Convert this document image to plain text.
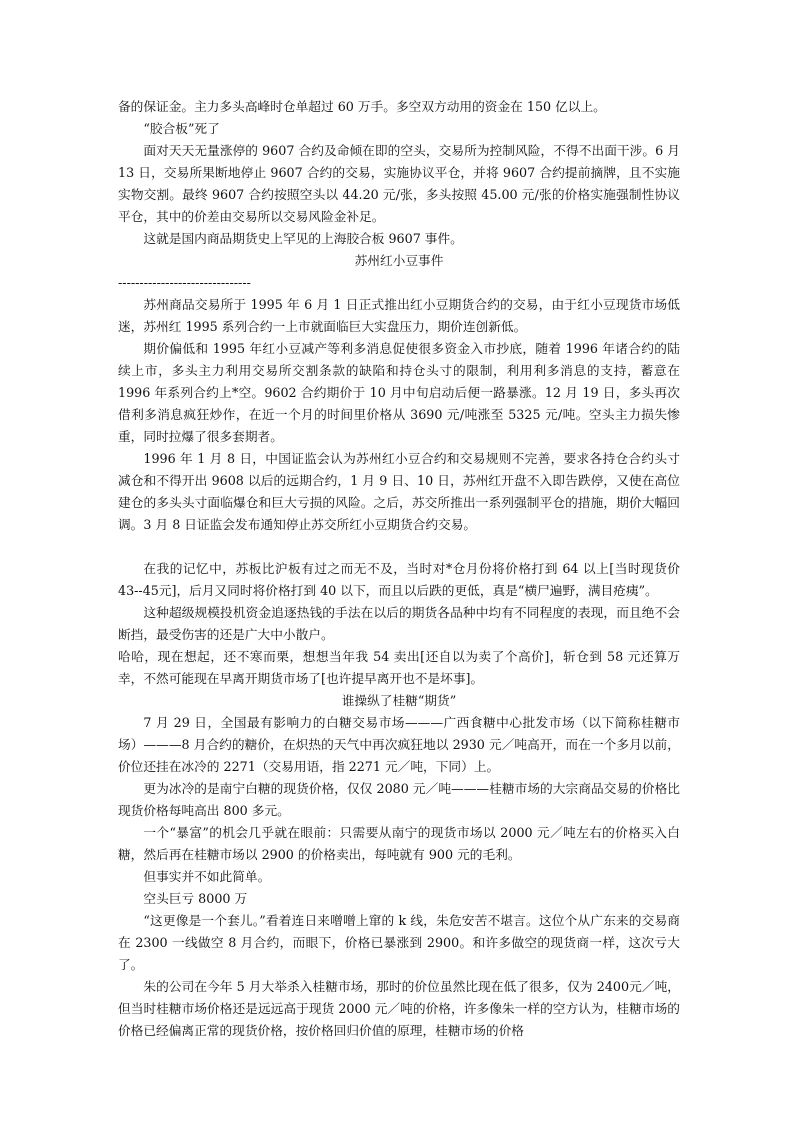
备的保证金。主力多头高峰时仓单超过 60 万手。多空双方动用的资金在 150 亿以上。

“胶合板”死了

面对天天无量涨停的 9607 合约及命倾在即的空头，交易所为控制风险，不得不出面干涉。6 月 13 日，交易所果断地停止 9607 合约的交易，实施协议平仓，并将 9607 合约提前摘牌，且不实施实物交割。最终 9607 合约按照空头以 44.20 元/张，多头按照 45.00 元/张的价格实施强制性协议平仓，其中的价差由交易所以交易风险金补足。

这就是国内商品期货史上罕见的上海胶合板 9607 事件。

苏州红小豆事件

-------------------------------

苏州商品交易所于 1995 年 6 月 1 日正式推出红小豆期货合约的交易，由于红小豆现货市场低迷，苏州红 1995 系列合约一上市就面临巨大实盘压力，期价连创新低。

期价偏低和 1995 年红小豆减产等利多消息促使很多资金入市抄底，随着 1996 年诸合约的陆续上市，多头主力利用交易所交割条款的缺陷和持仓头寸的限制，利用利多消息的支持，蓄意在 1996 年系列合约上*空。9602 合约期价于 10 月中旬启动后便一路暴涨。12 月 19 日，多头再次借利多消息疯狂炒作，在近一个月的时间里价格从 3690 元/吨涨至 5325 元/吨。空头主力损失惨重，同时拉爆了很多套期者。

1996 年 1 月 8 日，中国证监会认为苏州红小豆合约和交易规则不完善，要求各持仓合约头寸减仓和不得开出 9608 以后的远期合约，1 月 9 日、10 日，苏州红开盘不入即告跌停，又使在高位建仓的多头头寸面临爆仓和巨大亏损的风险。之后，苏交所推出一系列强制平仓的措施，期价大幅回调。3 月 8 日证监会发布通知停止苏交所红小豆期货合约交易。

在我的记忆中，苏板比沪板有过之而无不及，当时对*仓月份将价格打到 64 以上[当时现货价 43--45元]，后月又同时将价格打到 40 以下，而且以后跌的更低，真是“横尸遍野，满目疮痍”。

这种超级规模投机资金追逐热钱的手法在以后的期货各品种中均有不同程度的表现，而且绝不会断挡，最受伤害的还是广大中小散户。

哈哈，现在想起，还不寒而栗，想想当年我 54 卖出[还自以为卖了个高价]，斩仓到 58 元还算万幸，不然可能现在早离开期货市场了[也许提早离开也不是坏事]。

谁操纵了桂糖“期货”

7 月 29 日，全国最有影响力的白糖交易市场———广西食糖中心批发市场（以下简称桂糖市场）———8 月合约的糖价，在炽热的天气中再次疯狂地以 2930 元／吨高开，而在一个多月以前，价位还挂在冰冷的 2271（交易用语，指 2271 元／吨，下同）上。

更为冰冷的是南宁白糖的现货价格，仅仅 2080 元／吨———桂糖市场的大宗商品交易的价格比现货价格每吨高出 800 多元。

一个“暴富”的机会几乎就在眼前：只需要从南宁的现货市场以 2000 元／吨左右的价格买入白糖，然后再在桂糖市场以 2900 的价格卖出，每吨就有 900 元的毛利。

但事实并不如此简单。

空头巨亏 8000 万

“这更像是一个套儿。”看着连日来噌噌上窜的 k 线，朱危安苦不堪言。这位个从广东来的交易商在 2300 一线做空 8 月合约，而眼下，价格已暴涨到 2900。和许多做空的现货商一样，这次亏大了。

朱的公司在今年 5 月大举杀入桂糖市场，那时的价位虽然比现在低了很多，仅为 2400元／吨，但当时桂糖市场价格还是远远高于现货 2000 元／吨的价格，许多像朱一样的空方认为，桂糖市场的价格已经偏离正常的现货价格，按价格回归价值的原理，桂糖市场的价格
